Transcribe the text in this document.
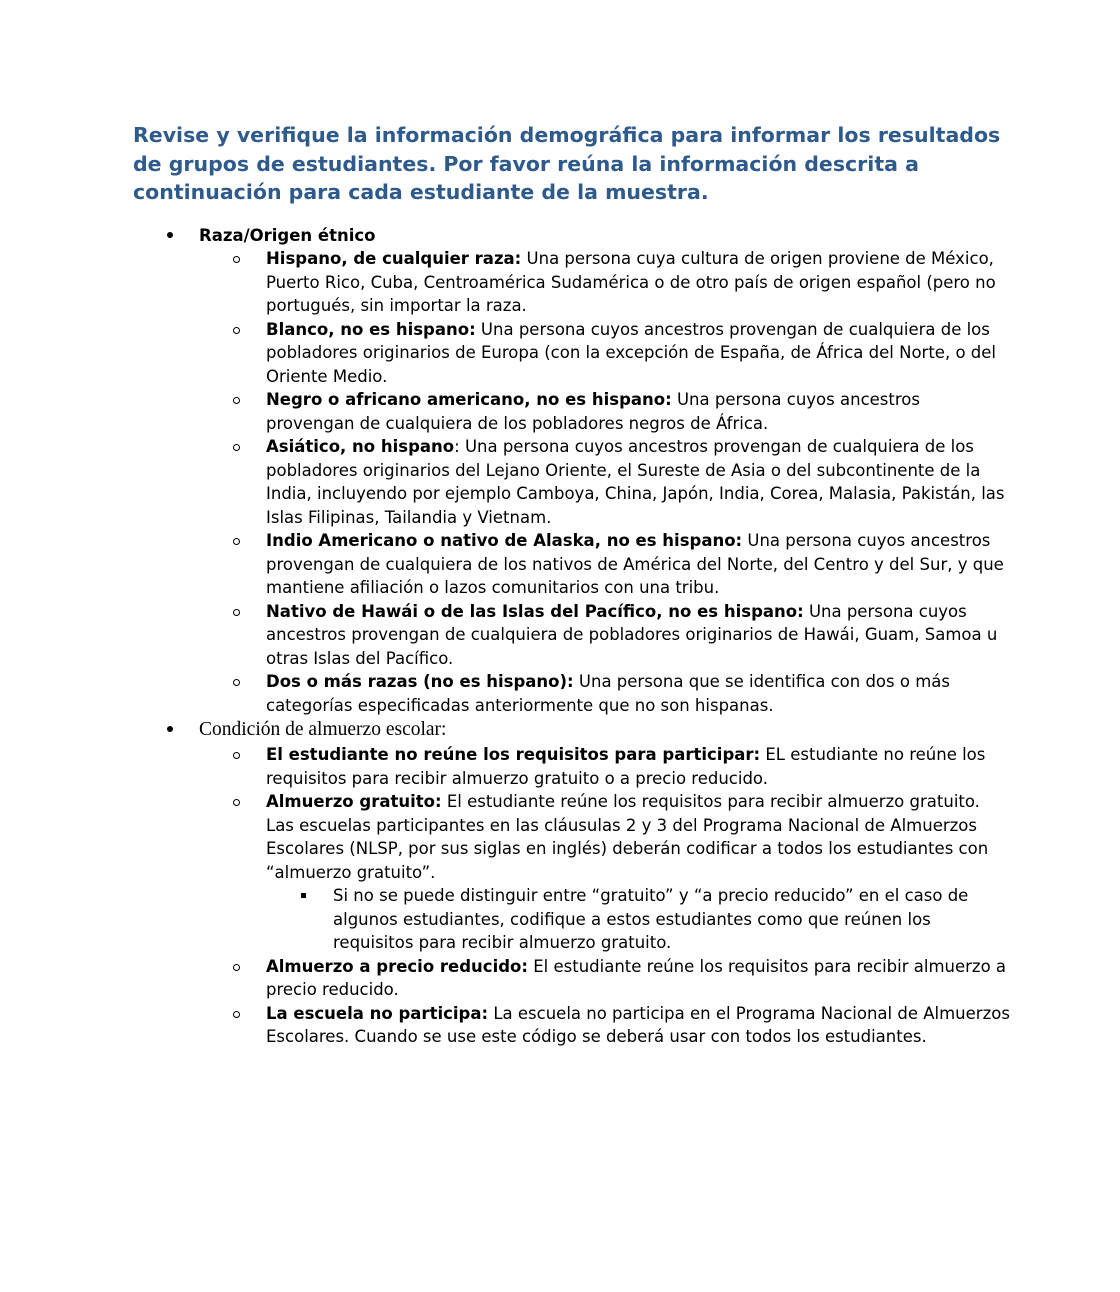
Revise y verifique la información demográfica para informar los resultados de grupos de estudiantes. Por favor reúna la información descrita a continuación para cada estudiante de la muestra.
Raza/Origen étnico
Hispano, de cualquier raza: Una persona cuya cultura de origen proviene de México, Puerto Rico, Cuba, Centroamérica Sudamérica o de otro país de origen español (pero no portugués, sin importar la raza.
Blanco, no es hispano: Una persona cuyos ancestros provengan de cualquiera de los pobladores originarios de Europa (con la excepción de España, de África del Norte, o del Oriente Medio.
Negro o africano americano, no es hispano: Una persona cuyos ancestros provengan de cualquiera de los pobladores negros de África.
Asiático, no hispano: Una persona cuyos ancestros provengan de cualquiera de los pobladores originarios del Lejano Oriente, el Sureste de Asia o del subcontinente de la India, incluyendo por ejemplo Camboya, China, Japón, India, Corea, Malasia, Pakistán, las Islas Filipinas, Tailandia y Vietnam.
Indio Americano o nativo de Alaska, no es hispano: Una persona cuyos ancestros provengan de cualquiera de los nativos de América del Norte, del Centro y del Sur, y que mantiene afiliación o lazos comunitarios con una tribu.
Nativo de Hawái o de las Islas del Pacífico, no es hispano: Una persona cuyos ancestros provengan de cualquiera de pobladores originarios de Hawái, Guam, Samoa u otras Islas del Pacífico.
Dos o más razas (no es hispano): Una persona que se identifica con dos o más categorías especificadas anteriormente que no son hispanas.
Condición de almuerzo escolar:
El estudiante no reúne los requisitos para participar: EL estudiante no reúne los requisitos para recibir almuerzo gratuito o a precio reducido.
Almuerzo gratuito: El estudiante reúne los requisitos para recibir almuerzo gratuito. Las escuelas participantes en las cláusulas 2 y 3 del Programa Nacional de Almuerzos Escolares (NLSP, por sus siglas en inglés) deberán codificar a todos los estudiantes con “almuerzo gratuito”.
Si no se puede distinguir entre “gratuito” y “a precio reducido” en el caso de algunos estudiantes, codifique a estos estudiantes como que reúnen los requisitos para recibir almuerzo gratuito.
Almuerzo a precio reducido: El estudiante reúne los requisitos para recibir almuerzo a precio reducido.
La escuela no participa: La escuela no participa en el Programa Nacional de Almuerzos Escolares. Cuando se use este código se deberá usar con todos los estudiantes.
